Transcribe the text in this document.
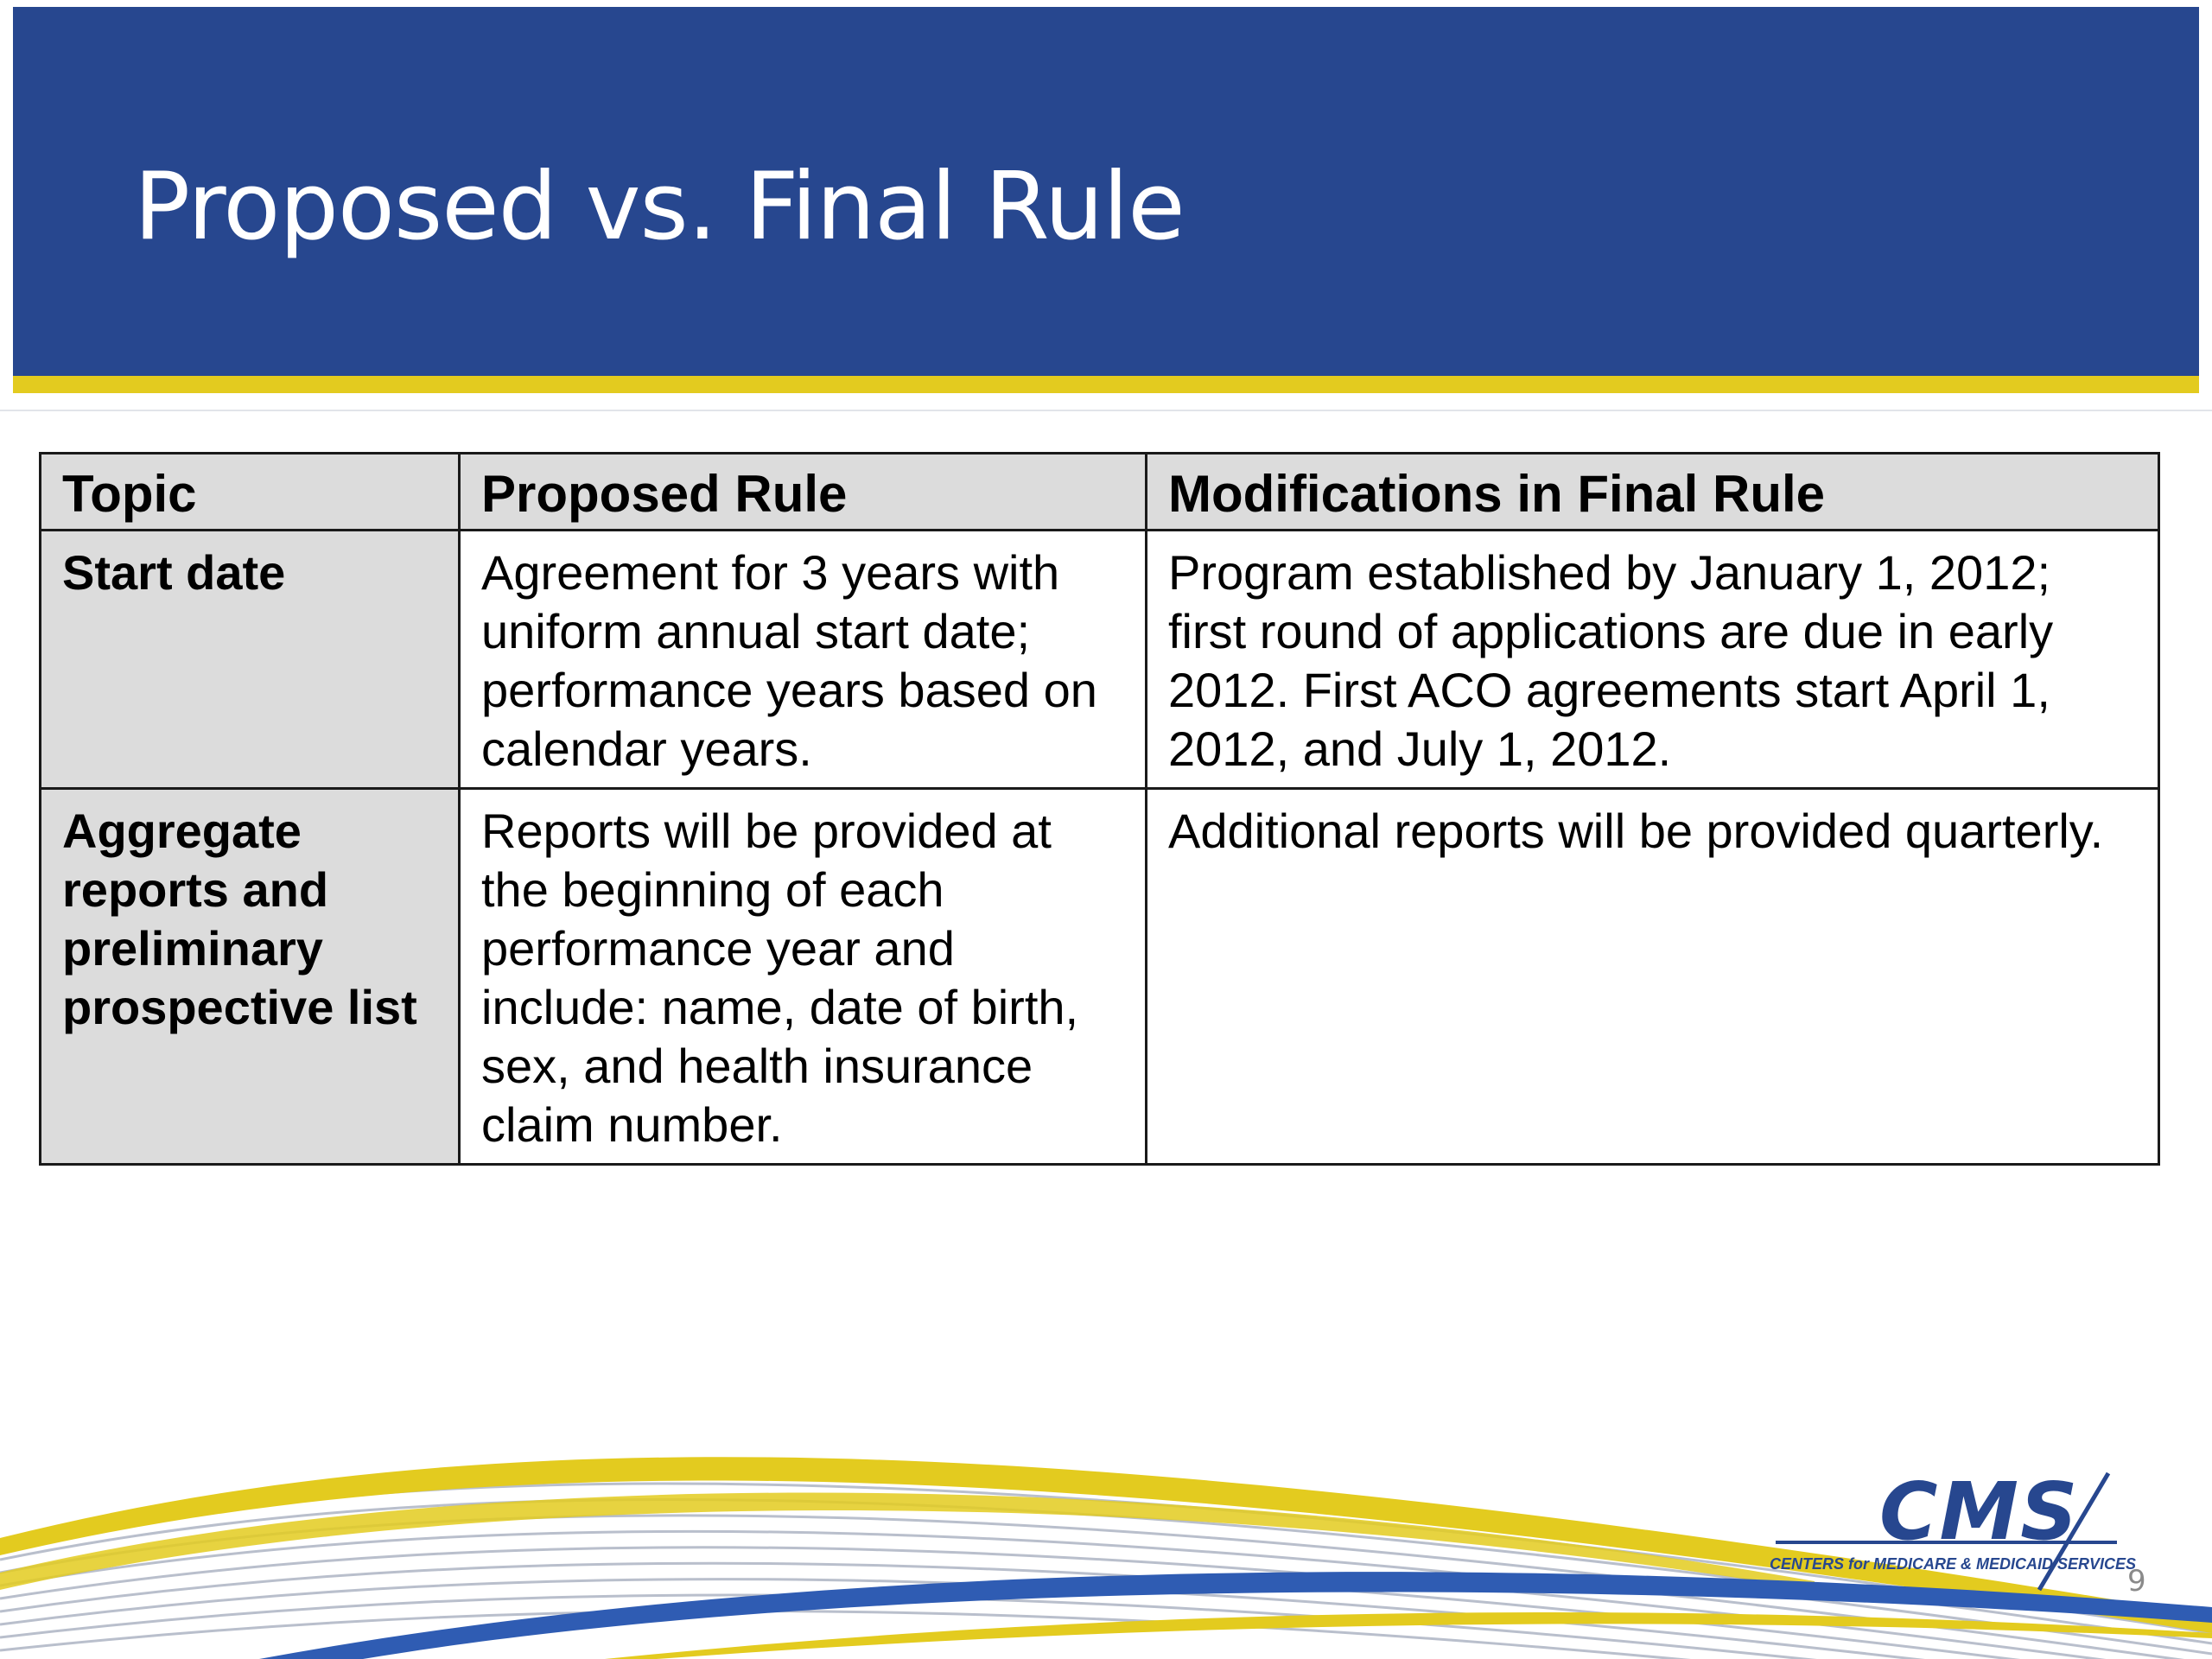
Proposed vs. Final Rule
Topic	Proposed Rule	Modifications in Final Rule
Start date	Agreement for 3 years with uniform annual start date; performance years based on calendar years.	Program established by January 1, 2012; first round of applications are due in early 2012. First ACO agreements start April 1, 2012, and July 1, 2012.
Aggregate reports and preliminary prospective list	Reports will be provided at the beginning of each performance year and include: name, date of birth, sex, and health insurance claim number.	Additional reports will be provided quarterly.
CMS
CENTERS for MEDICARE & MEDICAID SERVICES
9
